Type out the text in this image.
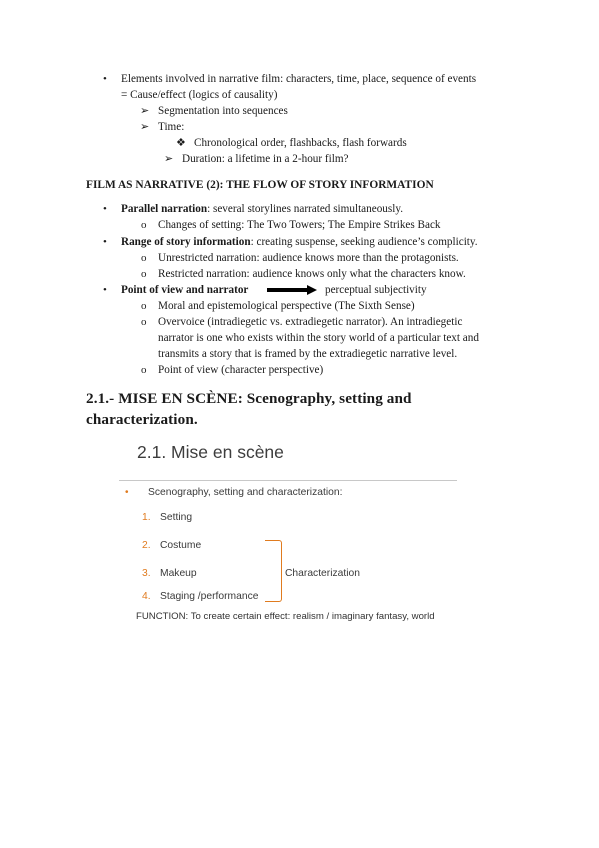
• Elements involved in narrative film: characters, time, place, sequence of events
= Cause/effect (logics of causality)
➢ Segmentation into sequences
➢ Time:
❖ Chronological order, flashbacks, flash forwards
➢ Duration: a lifetime in a 2-hour film?
FILM AS NARRATIVE (2): THE FLOW OF STORY INFORMATION
• Parallel narration: several storylines narrated simultaneously.
o Changes of setting: The Two Towers; The Empire Strikes Back
• Range of story information: creating suspense, seeking audience’s complicity.
o Unrestricted narration: audience knows more than the protagonists.
o Restricted narration: audience knows only what the characters know.
• Point of view and narrator	perceptual subjectivity
o Moral and epistemological perspective (The Sixth Sense)
o Overvoice (intradiegetic vs. extradiegetic narrator). An intradiegetic
narrator is one who exists within the story world of a particular text and
transmits a story that is framed by the extradiegetic narrative level.
o Point of view (character perspective)
2.1.- MISE EN SCÈNE: Scenography, setting and
characterization.
2.1. Mise en scène
• Scenography, setting and characterization:
1. Setting
2. Costume
3. Makeup
4. Staging /performance
Characterization
FUNCTION: To create certain effect: realism / imaginary fantasy, world
